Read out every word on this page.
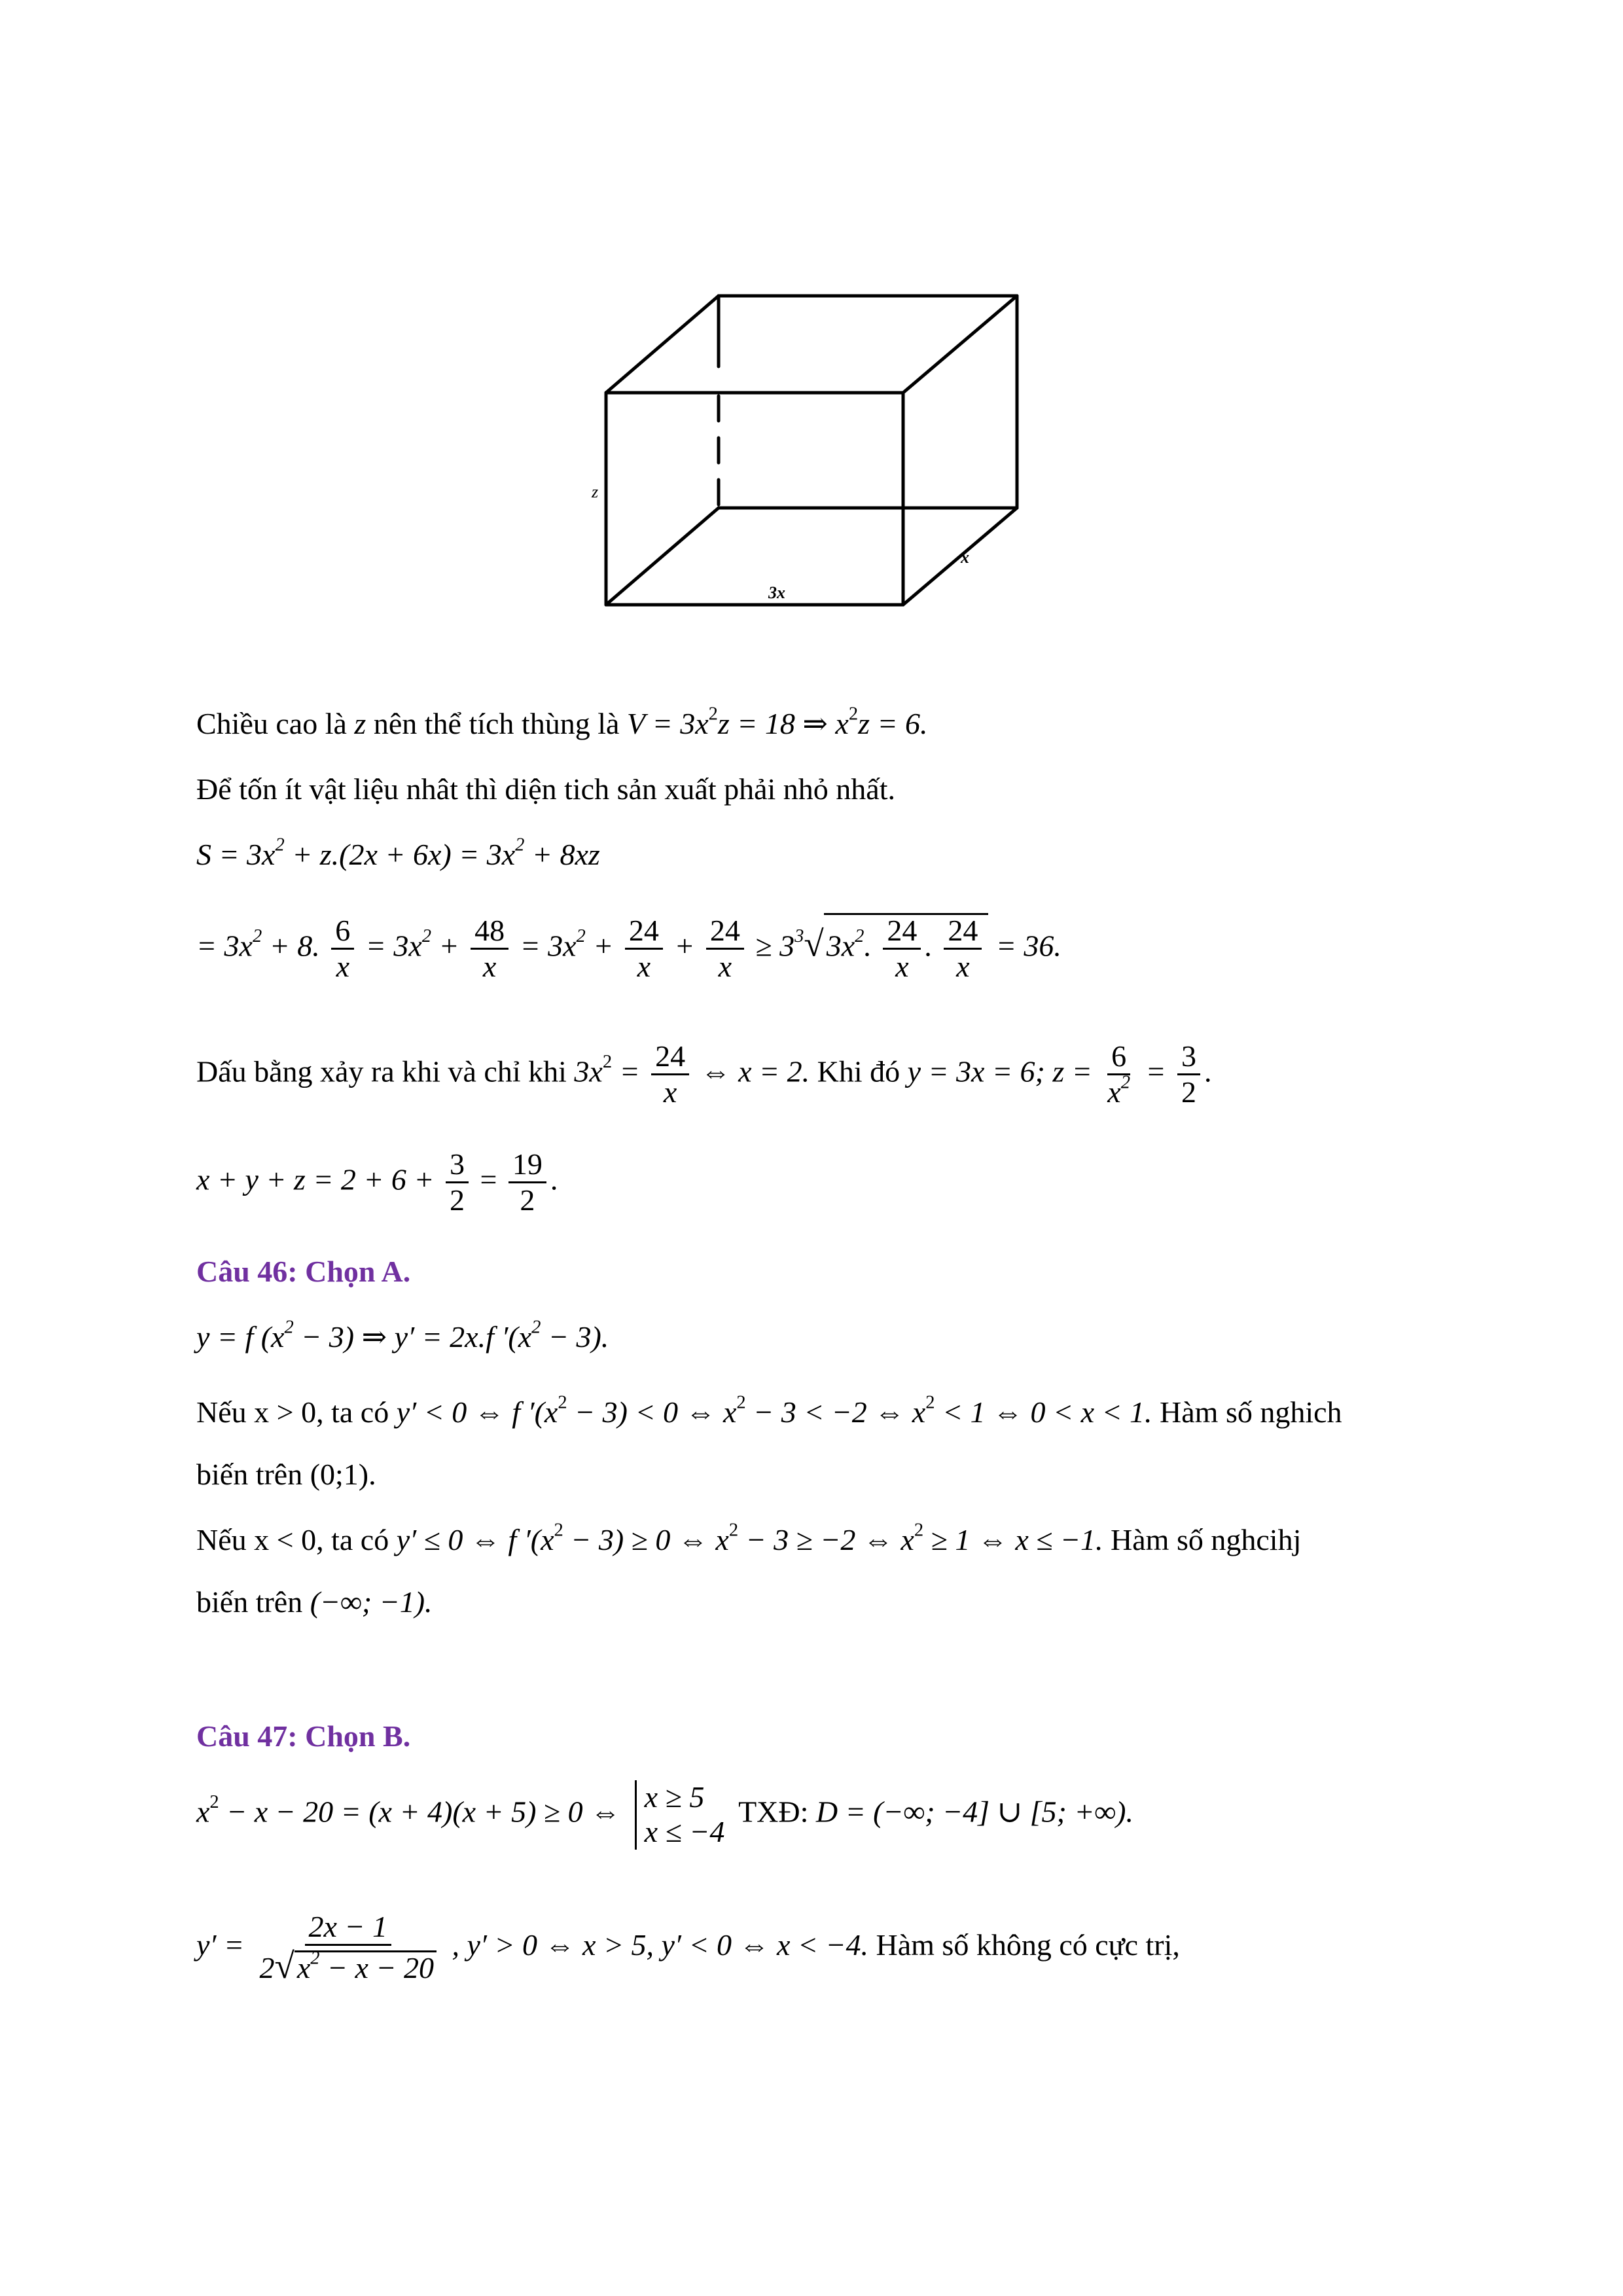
z
3x
x
Chiều cao là z nên thể tích thùng là $V = 3x^2z = 18$ ⇒ $x^2z = 6$.
Để tốn ít vật liệu nhât thì diện tich sản xuất phải nhỏ nhất.
$S = 3x^2 + z.(2x + 6x) = 3x^2 + 8xz$
= $3x^2 + 8$. $\frac{6}{x} = 3x^2 + \frac{48}{x} = 3x^2 + \frac{24}{x} + \frac{24}{x} \ge 3^3√3x^2$. $\frac{24}{x}$ . $\frac{24}{x} = 36$.
Dấu bằng xảy ra khi và chỉ khi $3x^2 = \frac{24}{x}$ ⇔ x = 2. Khi đó y = 3x = 6; $z = \frac{6}{x^2} = \frac{3}{2}$ .
$x + y + z = 2 + 6 + \frac{3}{2} = \frac{19}{2}$ .
Câu 46: Chọn A.
y = f $(x^2 - 3)$ ⇒ y′ = 2x.f $'(x^2 - 3)$.
Nếu x > 0, ta có y′ < 0 ⇔ f $'(x^2 - 3) < 0$ ⇔ $x^2 - 3 < -2$ ⇔ $x^2 < 1$ ⇔ 0 < x < 1. Hàm số nghich
biến trên (0;1).
Nếu x < 0, ta có y′ ≤ 0 ⇔ f $'(x^2 - 3) \ge 0$ ⇔ $x^2 - 3 \ge -2$ ⇔ $x^2 \ge 1$ ⇔ x ≤ −1. Hàm số nghcihj
biến trên (−∞; −1).
Câu 47: Chọn B.
$x^2 - x - 20 = (x + 4)(x + 5) \ge 0$ ⇔ x ≥ 5
x ≤ −4
TXĐ: D = (−∞; −4] ∪ [5; +∞).
$y' = \frac{2x - 1}{2√x^2 - x - 20}$ , y′ > 0 ⇔ x > 5, y′ < 0 ⇔ x < −4. Hàm số không có cực trị,
